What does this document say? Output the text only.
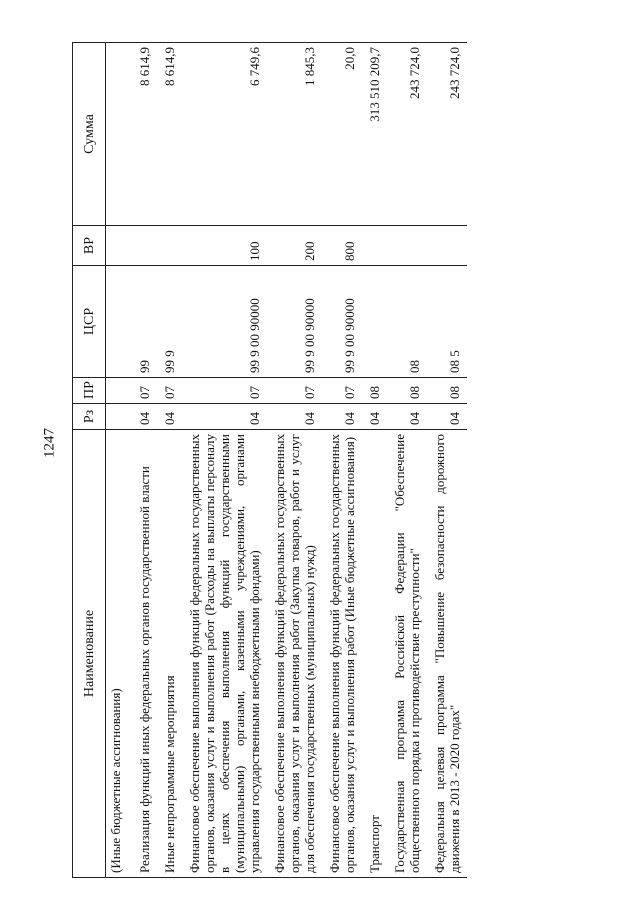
1247
Наименование	Рз	ПР	ЦСР	ВР	Сумма
(Иные бюджетные ассигнования)					
Реализация функций иных федеральных органов государственной власти	04	07	99		8 614,9
Иные непрограммные мероприятия	04	07	99 9		8 614,9
Финансовое обеспечение выполнения функций федеральных государственных органов, оказания услуг и выполнения работ (Расходы на выплаты персоналу в целях обеспечения выполнения функций государственными (муниципальными) органами, казенными учреждениями, органами управления государственными внебюджетными фондами)	04	07	99 9 00 90000	100	6 749,6
Финансовое обеспечение выполнения функций федеральных государственных органов, оказания услуг и выполнения работ (Закупка товаров, работ и услуг для обеспечения государственных (муниципальных) нужд)	04	07	99 9 00 90000	200	1 845,3
Финансовое обеспечение выполнения функций федеральных государственных органов, оказания услуг и выполнения работ (Иные бюджетные ассигнования)	04	07	99 9 00 90000	800	20,0
Транспорт	04	08			313 510 209,7
Государственная программа Российской Федерации "Обеспечение общественного порядка и противодействие преступности"	04	08	08		243 724,0
Федеральная целевая программа "Повышение безопасности дорожного движения в 2013 - 2020 годах"	04	08	08 5		243 724,0
